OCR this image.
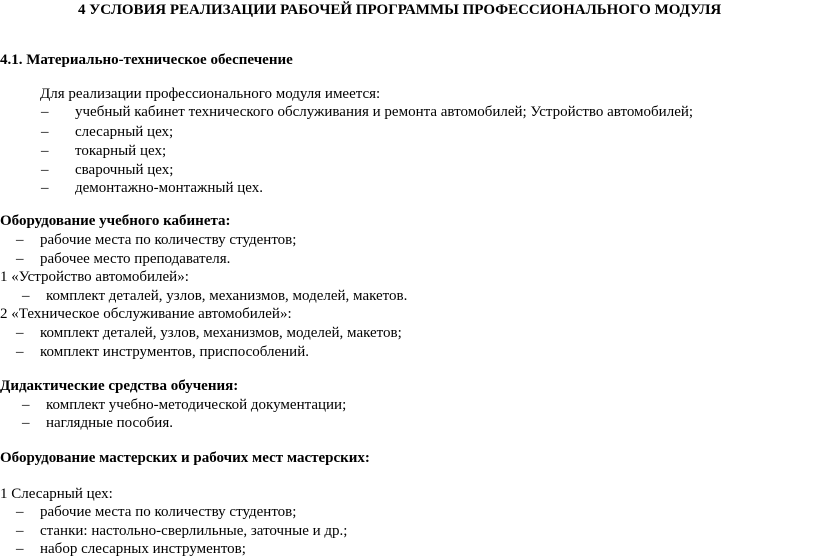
4 УСЛОВИЯ РЕАЛИЗАЦИИ РАБОЧЕЙ ПРОГРАММЫ ПРОФЕССИОНАЛЬНОГО МОДУЛЯ
4.1. Материально-техническое обеспечение
Для реализации профессионального модуля имеется:
– учебный кабинет технического обслуживания и ремонта автомобилей; Устройство автомобилей;
– слесарный цех;
– токарный цех;
– сварочный цех;
– демонтажно-монтажный цех.
Оборудование учебного кабинета:
– рабочие места по количеству студентов;
– рабочее место преподавателя.
1 «Устройство автомобилей»:
– комплект деталей, узлов, механизмов, моделей, макетов.
2 «Техническое обслуживание автомобилей»:
– комплект деталей, узлов, механизмов, моделей, макетов;
– комплект инструментов, приспособлений.
Дидактические средства обучения:
– комплект учебно-методической документации;
– наглядные пособия.
Оборудование мастерских и рабочих мест мастерских:
1 Слесарный цех:
– рабочие места по количеству студентов;
– станки: настольно-сверлильные, заточные и др.;
– набор слесарных инструментов;
